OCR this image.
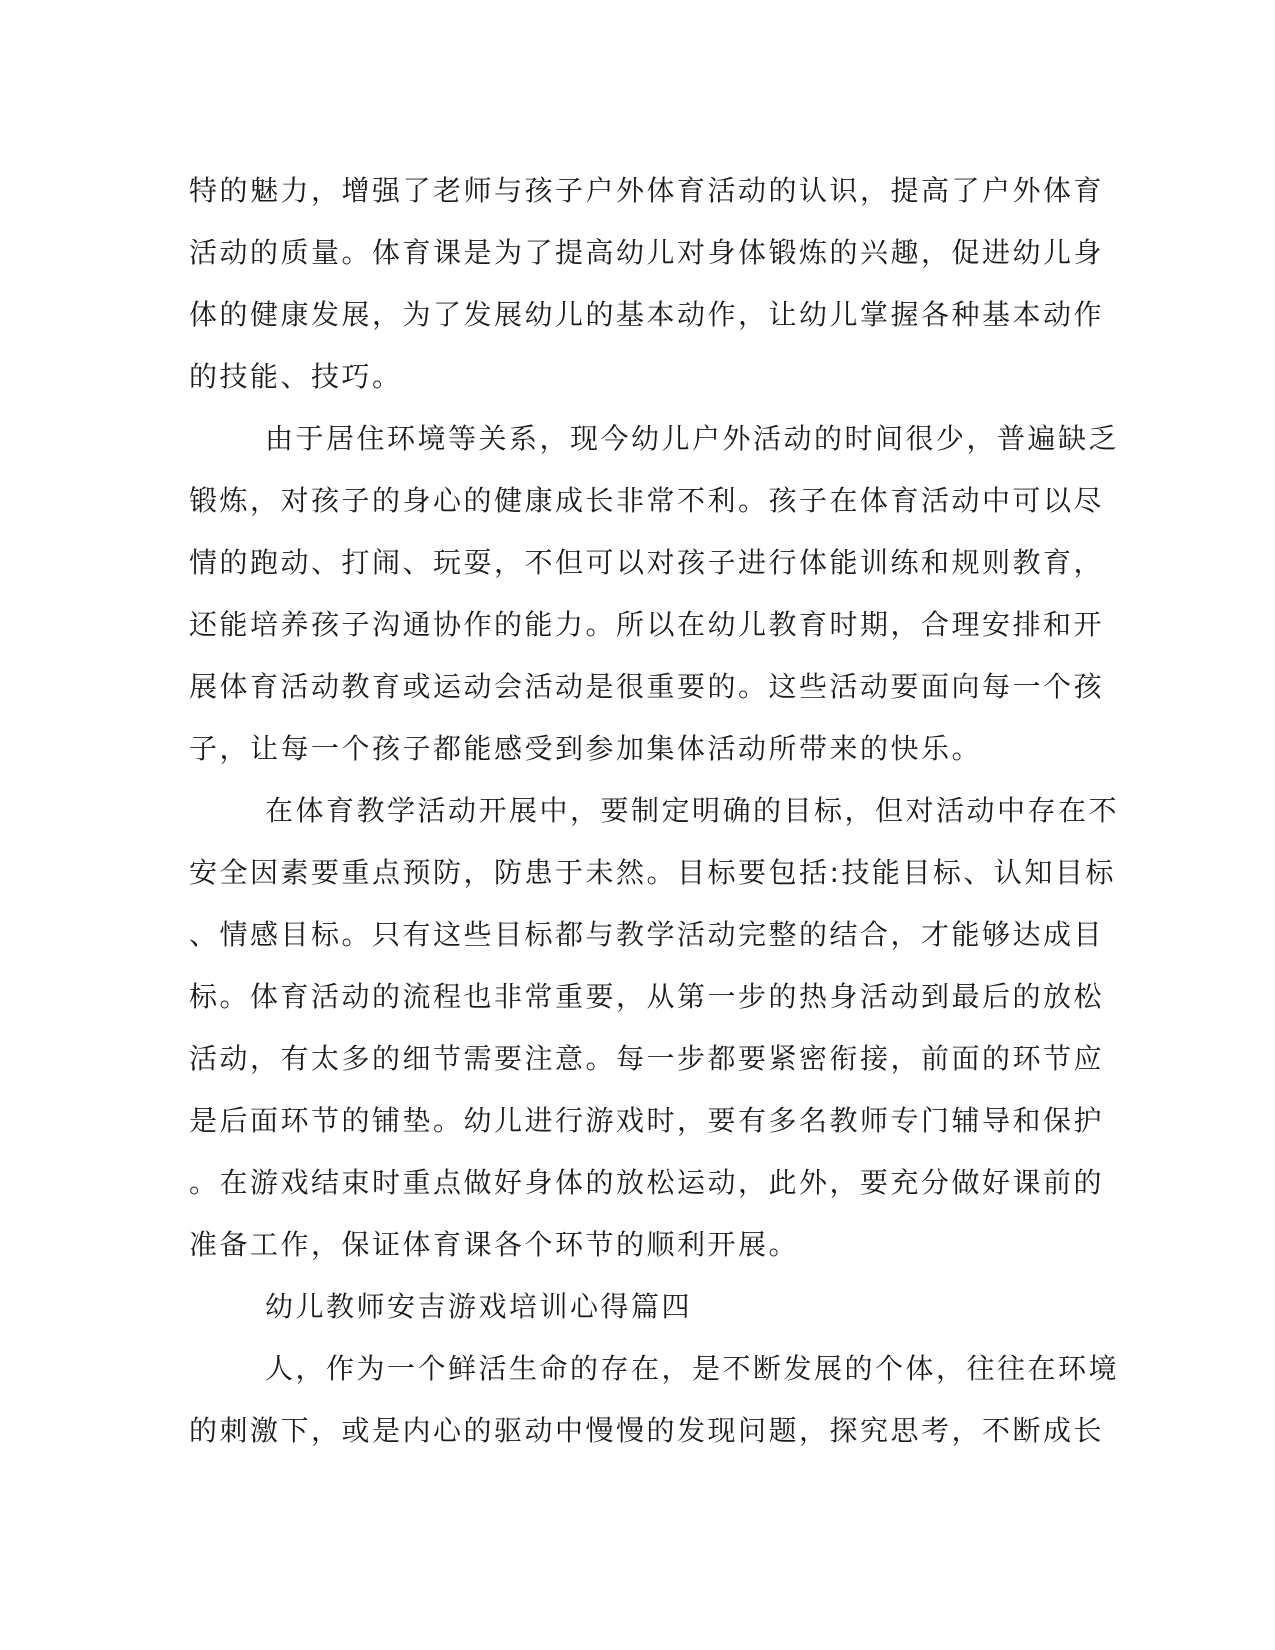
特的魅力，增强了老师与孩子户外体育活动的认识，提高了户外体育
活动的质量。体育课是为了提高幼儿对身体锻炼的兴趣，促进幼儿身
体的健康发展，为了发展幼儿的基本动作，让幼儿掌握各种基本动作
的技能、技巧。
由于居住环境等关系，现今幼儿户外活动的时间很少，普遍缺乏
锻炼，对孩子的身心的健康成长非常不利。孩子在体育活动中可以尽
情的跑动、打闹、玩耍，不但可以对孩子进行体能训练和规则教育，
还能培养孩子沟通协作的能力。所以在幼儿教育时期，合理安排和开
展体育活动教育或运动会活动是很重要的。这些活动要面向每一个孩
子，让每一个孩子都能感受到参加集体活动所带来的快乐。
在体育教学活动开展中，要制定明确的目标，但对活动中存在不
安全因素要重点预防，防患于未然。目标要包括:技能目标、认知目标
、情感目标。只有这些目标都与教学活动完整的结合，才能够达成目
标。体育活动的流程也非常重要，从第一步的热身活动到最后的放松
活动，有太多的细节需要注意。每一步都要紧密衔接，前面的环节应
是后面环节的铺垫。幼儿进行游戏时，要有多名教师专门辅导和保护
。在游戏结束时重点做好身体的放松运动，此外，要充分做好课前的
准备工作，保证体育课各个环节的顺利开展。
幼儿教师安吉游戏培训心得篇四
人，作为一个鲜活生命的存在，是不断发展的个体，往往在环境
的刺激下，或是内心的驱动中慢慢的发现问题，探究思考，不断成长
